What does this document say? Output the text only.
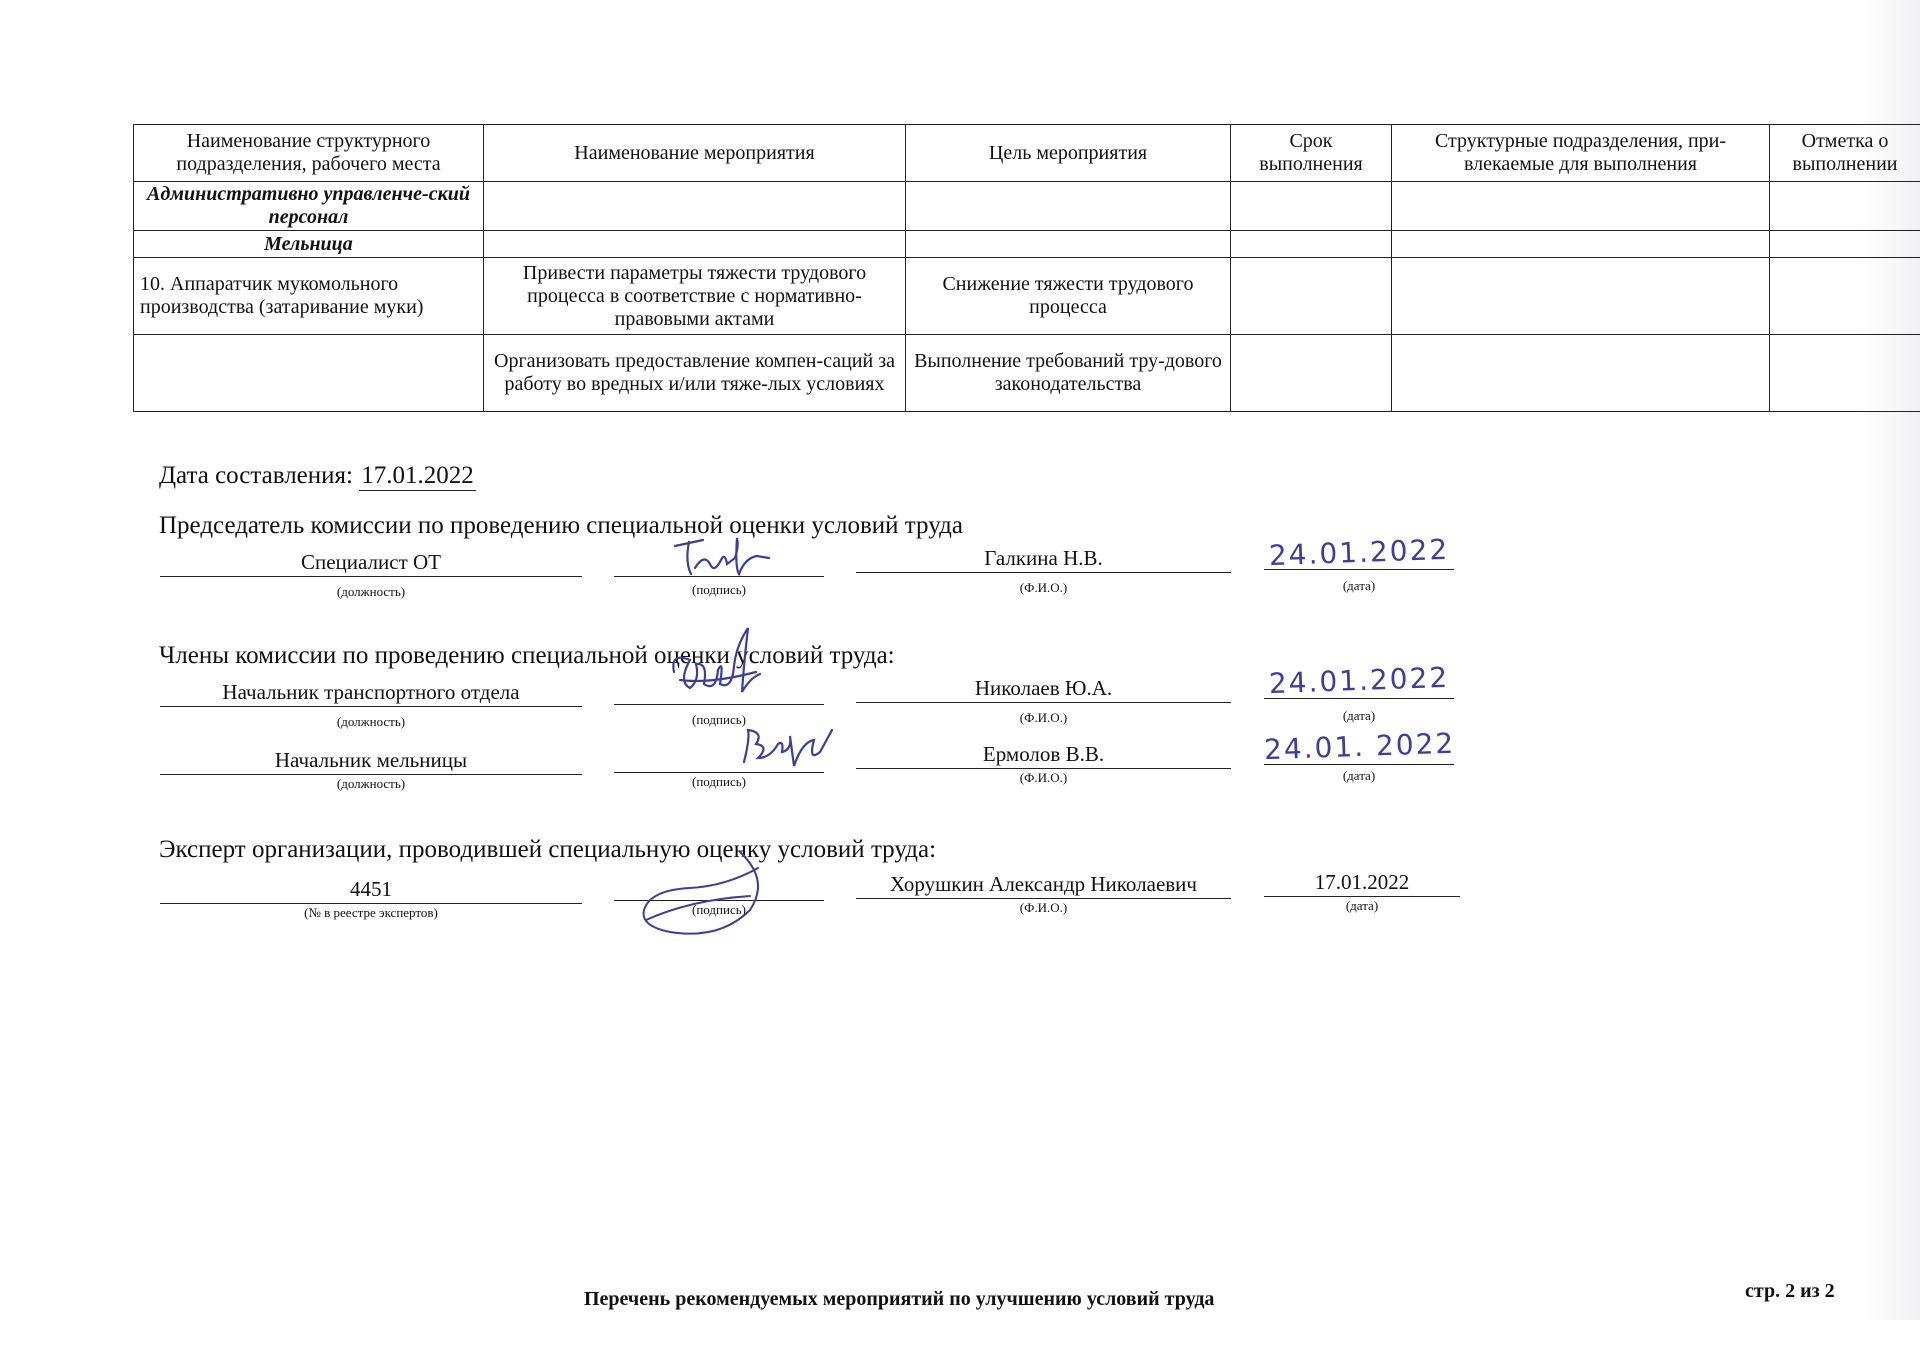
Наименование структурного подразделения, рабочего места	Наименование мероприятия	Цель мероприятия	Срок выполнения	Структурные подразделения, при-влекаемые для выполнения	Отметка о выполнении
Административно управленче-ский персонал					
Мельница					
10. Аппаратчик мукомольного производства (затаривание муки)	Привести параметры тяжести трудового процесса в соответствие с нормативно-правовыми актами	Снижение тяжести трудового процесса			
	Организовать предоставление компен-саций за работу во вредных и/или тяже-лых условиях	Выполнение требований тру-дового законодательства			
Дата составления: 17.01.2022
Председатель комиссии по проведению специальной оценки условий труда
Специалист ОТ
(должность)	(подпись)
Галкина Н.В.
(Ф.И.О.)
24.01.2022
(дата)
Члены комиссии по проведению специальной оценки условий труда:
Начальник транспортного отдела
(должность)	(подпись)
Николаев Ю.А.
(Ф.И.О.)
24.01.2022
(дата)
Начальник мельницы
(должность)	(подпись)
Ермолов В.В.
(Ф.И.О.)
24.01. 2022
(дата)
Эксперт организации, проводившей специальную оценку условий труда:
4451
(№ в реестре экспертов)	(подпись)
Хорушкин Александр Николаевич
(Ф.И.О.)
17.01.2022
(дата)
Перечень рекомендуемых мероприятий по улучшению условий труда	стр. 2 из 2
